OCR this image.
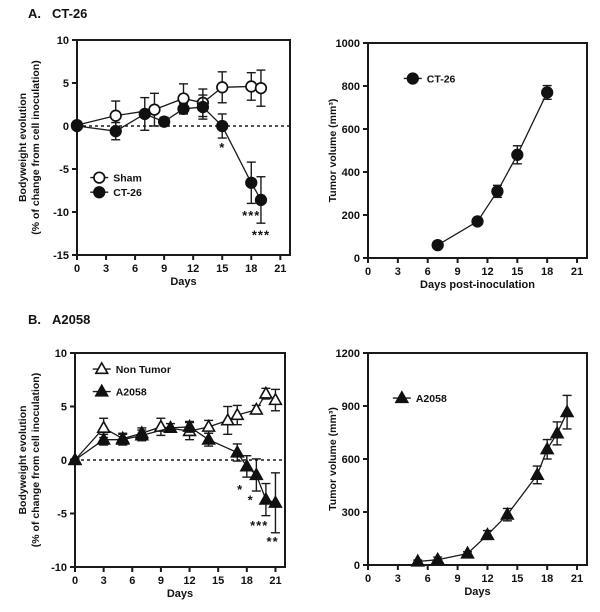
A. CT-26
-15
-10
-5
0
5
10
0 3 6 9 12 15 18 21
Days
Bodyweight evolution (% of change from cell inoculation)	Sham
CT-26
*
***
***
0
200
400
600
800
1000
0 3 6 9 12 15 18 21
Days post-inoculation
Tumor volume (mm³)
CT-26
B. A2058
-10
-5
0
5
10
0 3 6 9 12 15 18 21
Days
Bodyweight evolution (% of change from cell inoculation)
Non Tumor
A2058
*
*
***
**
0
300
600
900
1200
0 3 6 9 12 15 18 21
Days
Tumor volume (mm³)
A2058
